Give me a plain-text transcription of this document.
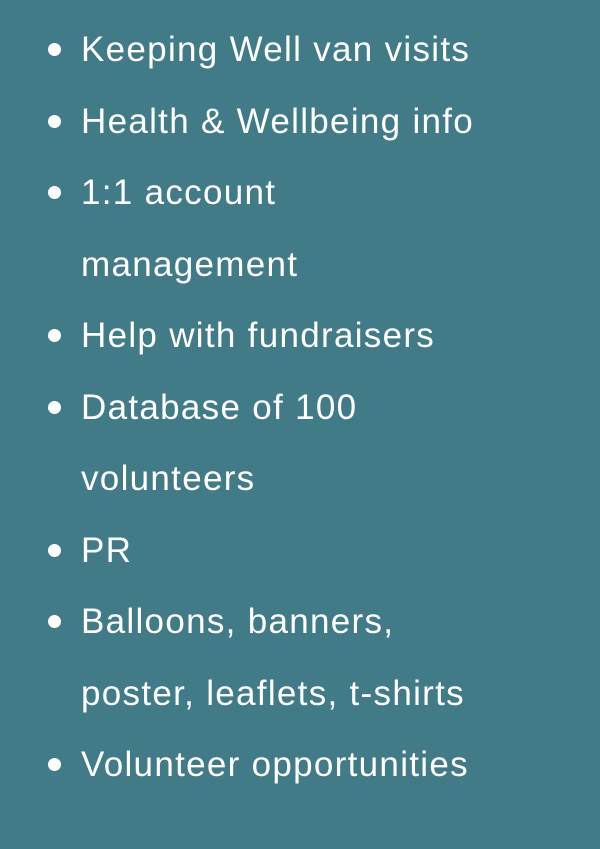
Keeping Well van visits
Health & Wellbeing info
1:1 account management
Help with fundraisers
Database of 100 volunteers
PR
Balloons, banners, poster, leaflets, t-shirts
Volunteer opportunities
